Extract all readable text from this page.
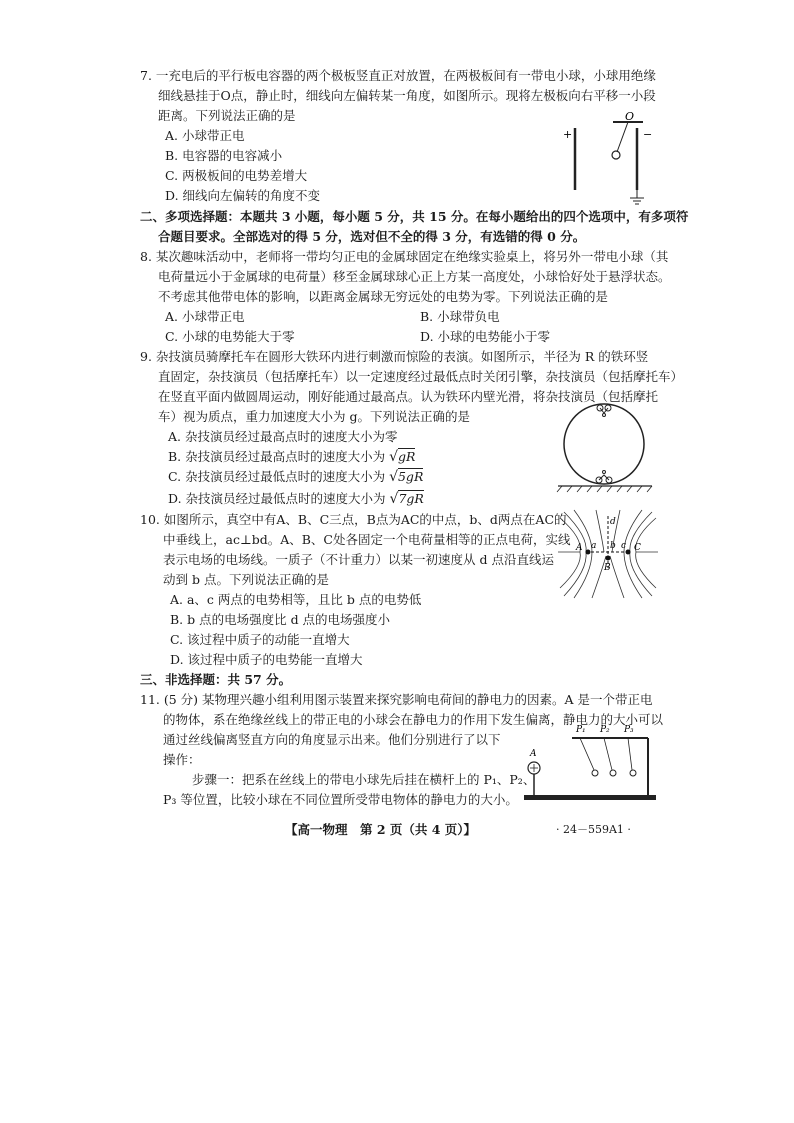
7. 一充电后的平行板电容器的两个极板竖直正对放置，在两极板间有一带电小球，小球用绝缘
细线悬挂于O点，静止时，细线向左偏转某一角度，如图所示。现将左极板向右平移一小段
距离。下列说法正确的是
A. 小球带正电
B. 电容器的电容减小
C. 两极板间的电势差增大
D. 细线向左偏转的角度不变
O
+	−
二、多项选择题：本题共 3 小题，每小题 5 分，共 15 分。在每小题给出的四个选项中，有多项符
合题目要求。全部选对的得 5 分，选对但不全的得 3 分，有选错的得 0 分。
8. 某次趣味活动中，老师将一带均匀正电的金属球固定在绝缘实验桌上，将另外一带电小球（其
电荷量远小于金属球的电荷量）移至金属球球心正上方某一高度处，小球恰好处于悬浮状态。
不考虑其他带电体的影响，以距离金属球无穷远处的电势为零。下列说法正确的是
A. 小球带正电	B. 小球带负电
C. 小球的电势能大于零	D. 小球的电势能小于零
9. 杂技演员骑摩托车在圆形大铁环内进行刺激而惊险的表演。如图所示，半径为 R 的铁环竖
直固定，杂技演员（包括摩托车）以一定速度经过最低点时关闭引擎，杂技演员（包括摩托车）
在竖直平面内做圆周运动，刚好能通过最高点。认为铁环内壁光滑，将杂技演员（包括摩托
车）视为质点，重力加速度大小为 g。下列说法正确的是
A. 杂技演员经过最高点时的速度大小为零
B. 杂技演员经过最高点时的速度大小为 √gR
C. 杂技演员经过最低点时的速度大小为 √5gR
D. 杂技演员经过最低点时的速度大小为 √7gR
10. 如图所示，真空中有A、B、C三点，B点为AC的中点，b、d两点在AC的
中垂线上，ac⊥bd。A、B、C处各固定一个电荷量相等的正点电荷，实线
表示电场的电场线。一质子（不计重力）以某一初速度从 d 点沿直线运
动到 b 点。下列说法正确的是
A. a、c 两点的电势相等，且比 b 点的电势低
B. b 点的电场强度比 d 点的电场强度小
C. 该过程中质子的动能一直增大
D. 该过程中质子的电势能一直增大
A
B
C
a b c
d
三、非选择题：共 57 分。
11. (5 分) 某物理兴趣小组利用图示装置来探究影响电荷间的静电力的因素。A 是一个带正电
的物体，系在绝缘丝线上的带正电的小球会在静电力的作用下发生偏离，静电力的大小可以
通过丝线偏离竖直方向的角度显示出来。他们分别进行了以下
操作：
步骤一：把系在丝线上的带电小球先后挂在横杆上的 P₁、P₂、
P₃ 等位置，比较小球在不同位置所受带电物体的静电力的大小。
P₁ P₂ P₃
A
【高一物理　第 2 页（共 4 页）】	· 24－559A1 ·
